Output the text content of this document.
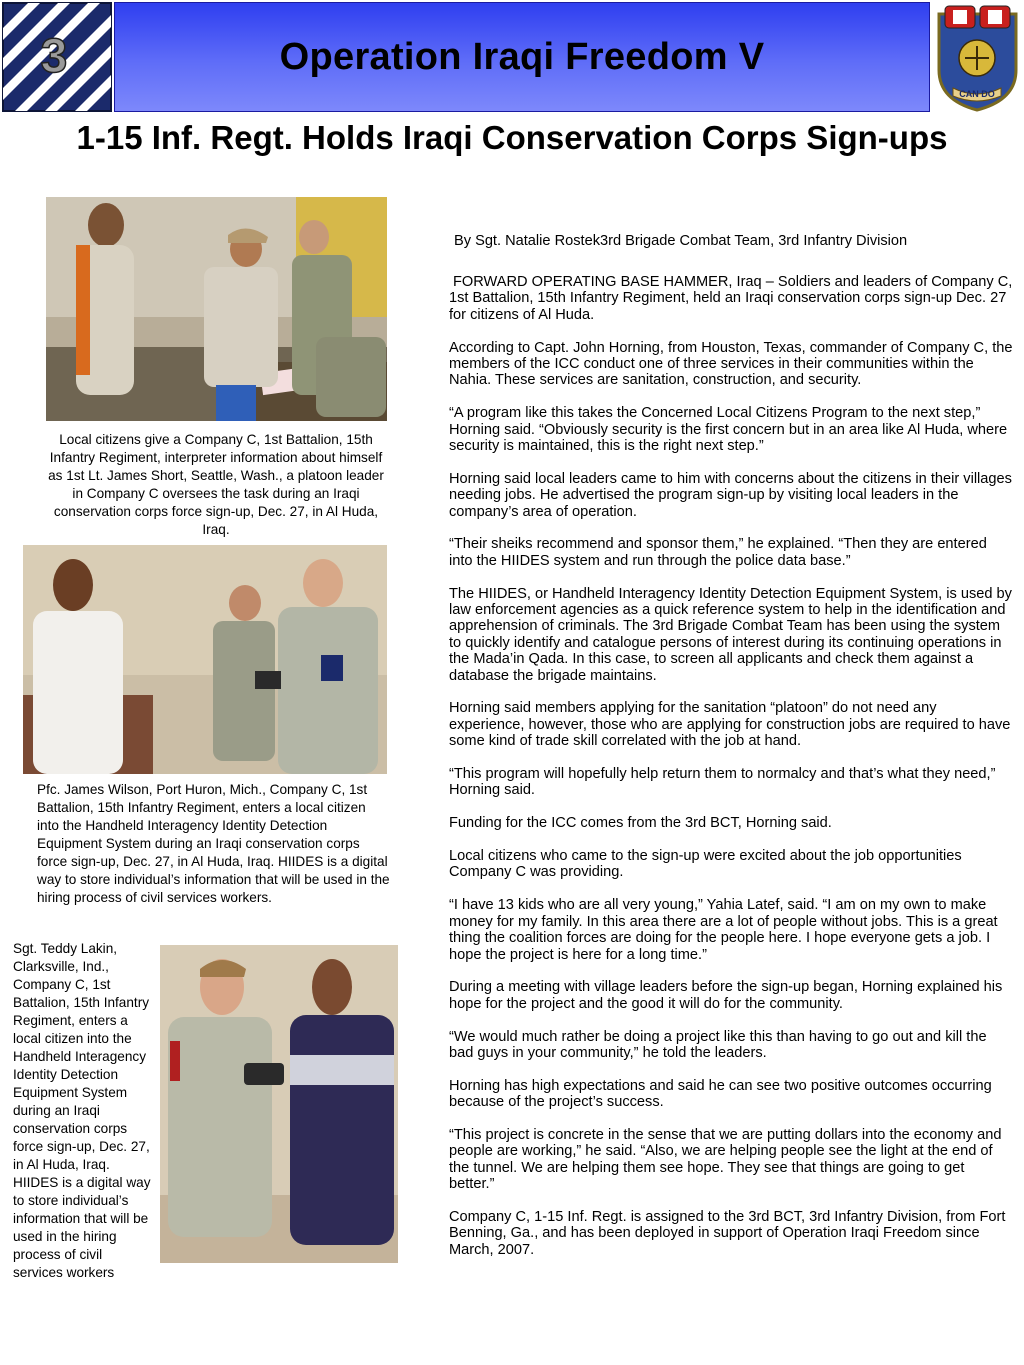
Operation Iraqi Freedom V
3
CAN DO
1-15 Inf. Regt. Holds Iraqi Conservation Corps Sign-ups
Local citizens give a Company C, 1st Battalion, 15th Infantry Regiment, interpreter information about himself as 1st Lt. James Short, Seattle, Wash., a platoon leader in Company C oversees the task during an Iraqi conservation corps force sign-up, Dec. 27, in Al Huda, Iraq.
Pfc. James Wilson, Port Huron, Mich., Company C, 1st Battalion, 15th Infantry Regiment, enters a local citizen into the Handheld Interagency Identity Detection Equipment System during an Iraqi conservation corps force sign-up, Dec. 27, in Al Huda, Iraq. HIIDES is a digital way to store individual’s information that will be used in the hiring process of civil services workers.
Sgt. Teddy Lakin, Clarksville, Ind., Company C, 1st Battalion, 15th Infantry Regiment, enters a local citizen into the Handheld Interagency Identity Detection Equipment System during an Iraqi conservation corps force sign-up, Dec. 27, in Al Huda, Iraq. HIIDES is a digital way to store individual’s information that will be used in the hiring process of civil services workers
By Sgt. Natalie Rostek3rd Brigade Combat Team, 3rd Infantry Division

FORWARD OPERATING BASE HAMMER, Iraq – Soldiers and leaders of Company C, 1st Battalion, 15th Infantry Regiment, held an Iraqi conservation corps sign-up Dec. 27 for citizens of Al Huda.

According to Capt. John Horning, from Houston, Texas, commander of Company C, the members of the ICC conduct one of three services in their communities within the Nahia. These services are sanitation, construction, and security.

“A program like this takes the Concerned Local Citizens Program to the next step,” Horning said. “Obviously security is the first concern but in an area like Al Huda, where security is maintained, this is the right next step.”

Horning said local leaders came to him with concerns about the citizens in their villages needing jobs. He advertised the program sign-up by visiting local leaders in the company’s area of operation.

“Their sheiks recommend and sponsor them,” he explained. “Then they are entered into the HIIDES system and run through the police data base.”

The HIIDES, or Handheld Interagency Identity Detection Equipment System, is used by law enforcement agencies as a quick reference system to help in the identification and apprehension of criminals. The 3rd Brigade Combat Team has been using the system to quickly identify and catalogue persons of interest during its continuing operations in the Mada’in Qada. In this case, to screen all applicants and check them against a database the brigade maintains.

Horning said members applying for the sanitation “platoon” do not need any experience, however, those who are applying for construction jobs are required to have some kind of trade skill correlated with the job at hand.

“This program will hopefully help return them to normalcy and that’s what they need,” Horning said.

Funding for the ICC comes from the 3rd BCT, Horning said.

Local citizens who came to the sign-up were excited about the job opportunities Company C was providing.

“I have 13 kids who are all very young,” Yahia Latef, said. “I am on my own to make money for my family. In this area there are a lot of people without jobs. This is a great thing the coalition forces are doing for the people here. I hope everyone gets a job. I hope the project is here for a long time.”

During a meeting with village leaders before the sign-up began, Horning explained his hope for the project and the good it will do for the community.

“We would much rather be doing a project like this than having to go out and kill the bad guys in your community,” he told the leaders.

Horning has high expectations and said he can see two positive outcomes occurring because of the project’s success.

“This project is concrete in the sense that we are putting dollars into the economy and people are working,” he said. “Also, we are helping people see the light at the end of the tunnel. We are helping them see hope. They see that things are going to get better.”

Company C, 1-15 Inf. Regt. is assigned to the 3rd BCT, 3rd Infantry Division, from Fort Benning, Ga., and has been deployed in support of Operation Iraqi Freedom since March, 2007.
